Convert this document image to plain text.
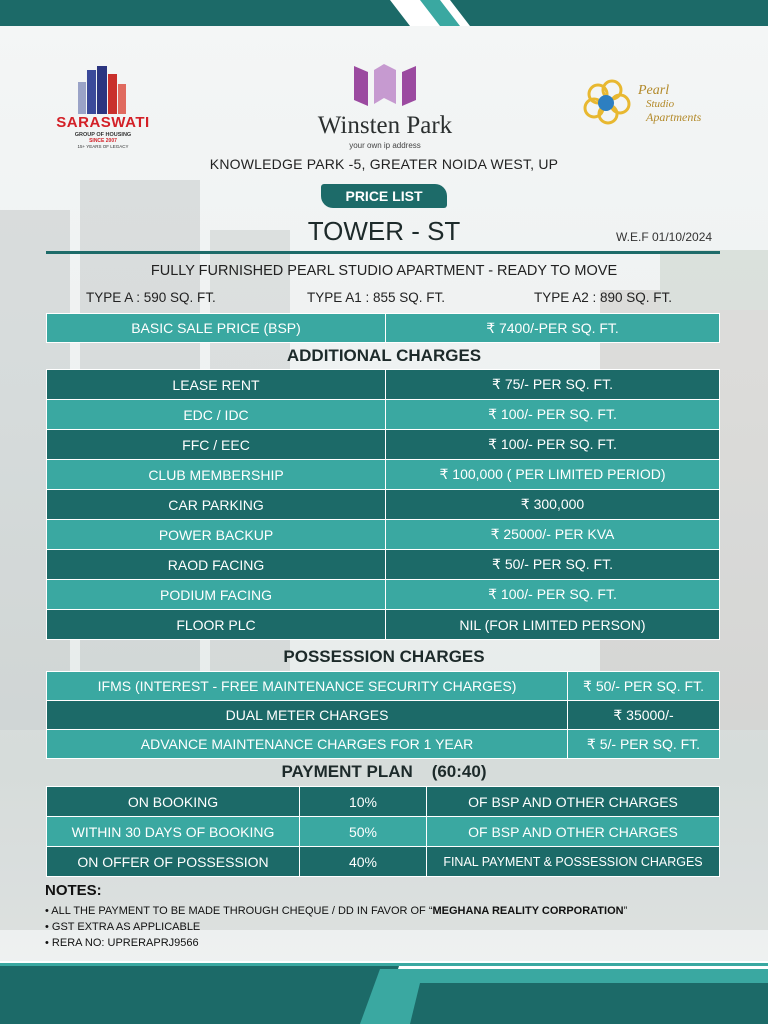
SARASWATI
GROUP OF HOUSING
SINCE 2007
15+ YEARS OF LEGACY
Winsten Park
your own ip address
Pearl
Studio
Apartments
KNOWLEDGE PARK -5, GREATER NOIDA WEST, UP
PRICE LIST
TOWER - ST	W.E.F 01/10/2024
FULLY FURNISHED PEARL STUDIO APARTMENT - READY TO MOVE
TYPE A : 590 SQ. FT.	TYPE A1 : 855 SQ. FT.	TYPE A2 : 890 SQ. FT.
BASIC SALE PRICE (BSP)	₹ 7400/-PER SQ. FT.
ADDITIONAL CHARGES
LEASE RENT	₹ 75/- PER SQ. FT.
EDC / IDC	₹ 100/- PER SQ. FT.
FFC / EEC	₹ 100/- PER SQ. FT.
CLUB MEMBERSHIP	₹ 100,000 ( PER LIMITED PERIOD)
CAR PARKING	₹ 300,000
POWER BACKUP	₹ 25000/- PER KVA
RAOD FACING	₹ 50/- PER SQ. FT.
PODIUM FACING	₹ 100/- PER SQ. FT.
FLOOR PLC	NIL (FOR LIMITED PERSON)
POSSESSION CHARGES
IFMS (INTEREST - FREE MAINTENANCE SECURITY CHARGES)	₹ 50/- PER SQ. FT.
DUAL METER CHARGES	₹ 35000/-
ADVANCE MAINTENANCE CHARGES FOR 1 YEAR	₹ 5/- PER SQ. FT.
PAYMENT PLAN (60:40)
ON BOOKING	10%	OF BSP AND OTHER CHARGES
WITHIN 30 DAYS OF BOOKING	50%	OF BSP AND OTHER CHARGES
ON OFFER OF POSSESSION	40%	FINAL PAYMENT & POSSESSION CHARGES
NOTES:
• ALL THE PAYMENT TO BE MADE THROUGH CHEQUE / DD IN FAVOR OF “MEGHANA REALITY CORPORATION”
• GST EXTRA AS APPLICABLE
• RERA NO: UPRERAPRJ9566
